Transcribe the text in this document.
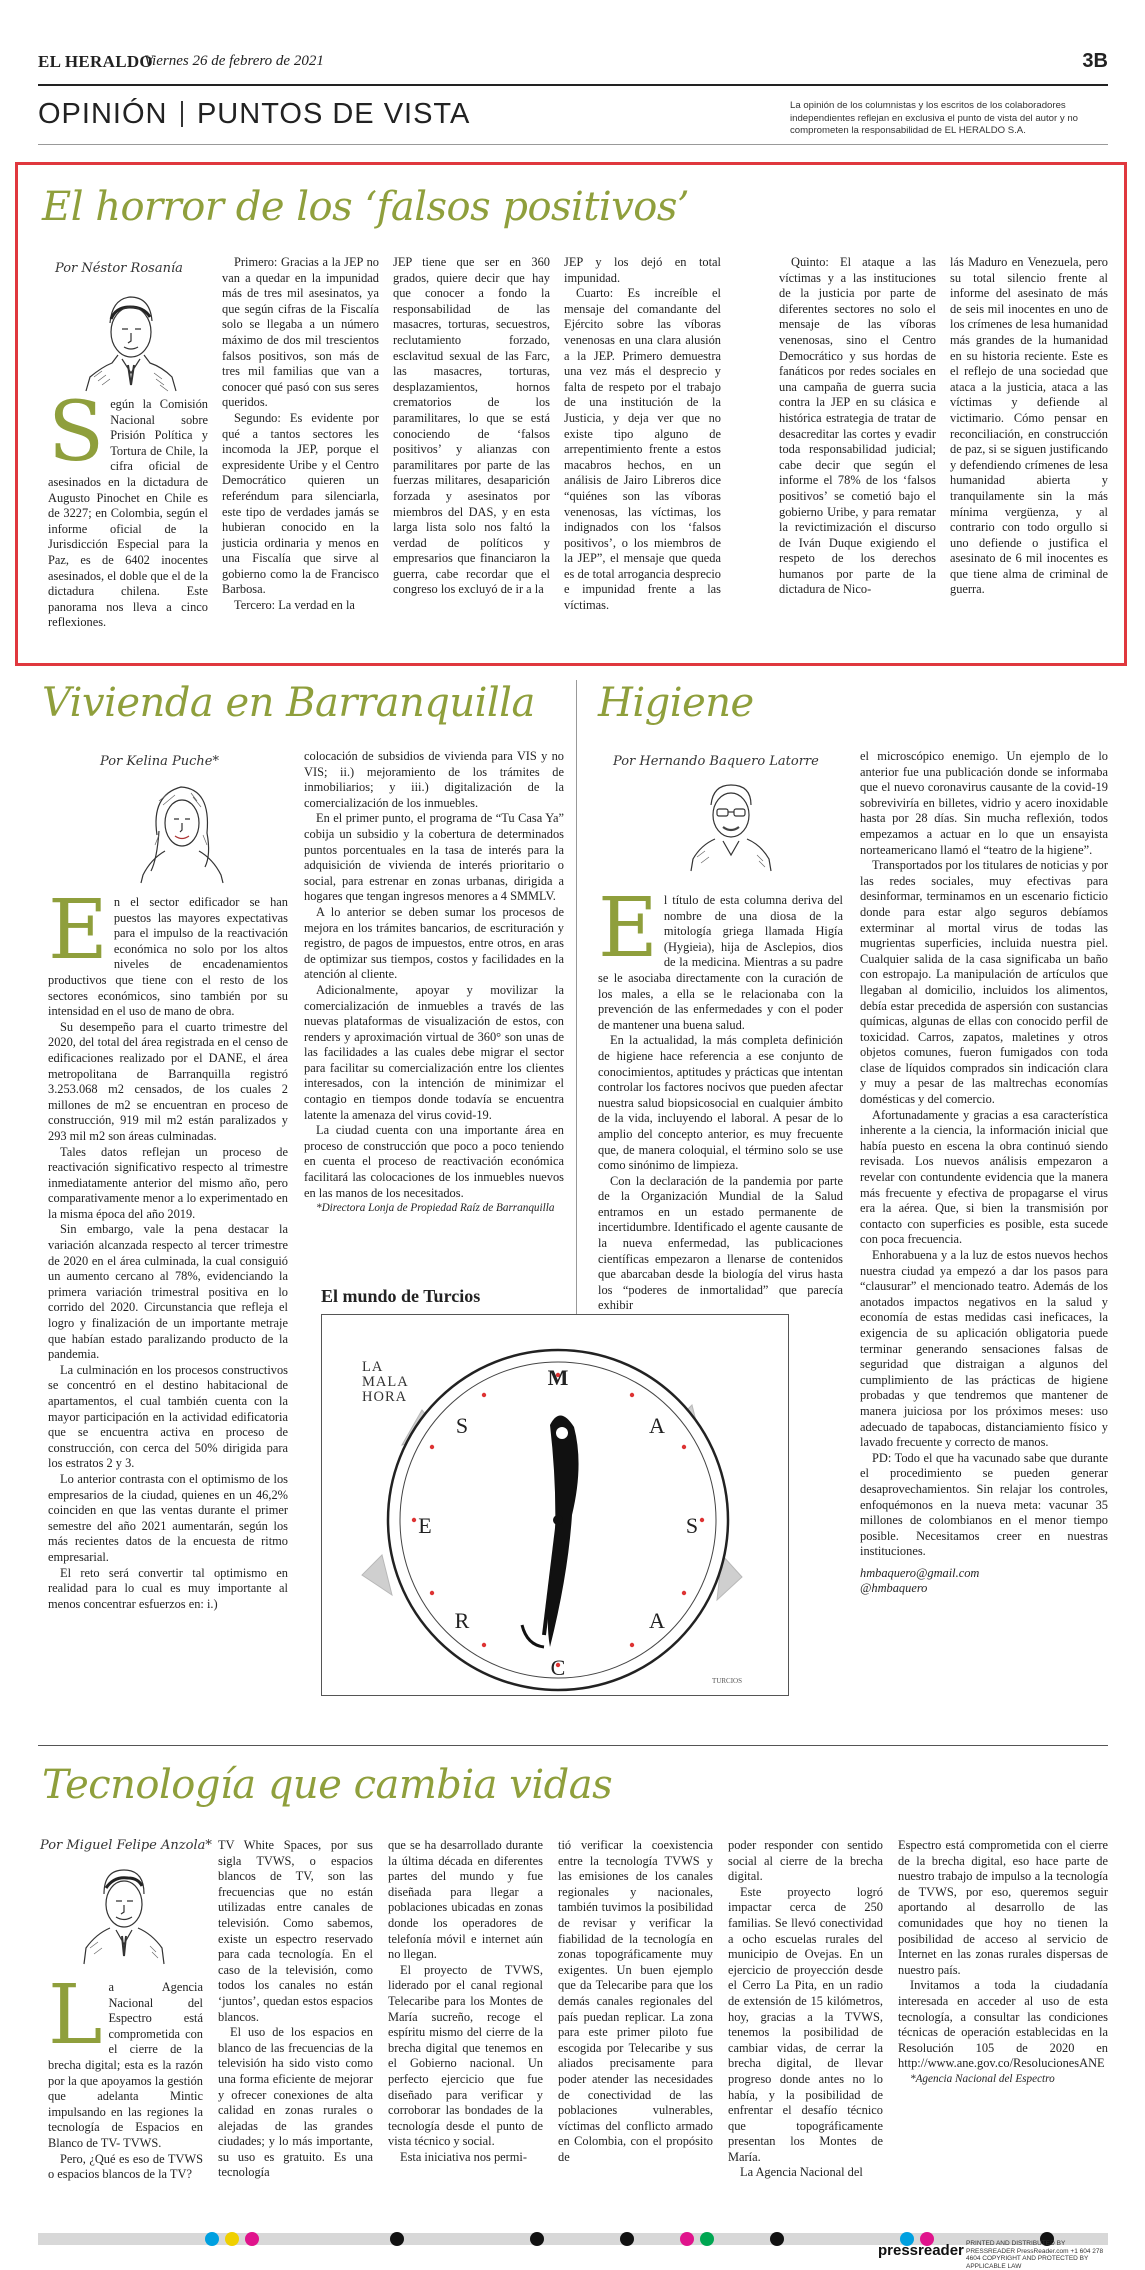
EL HERALDO
Viernes 26 de febrero de 2021	3B
OPINIÓN PUNTOS DE VISTA	La opinión de los columnistas y los escritos de los colaboradores independientes reflejan en exclusiva el punto de vista del autor y no comprometen la responsabilidad de EL HERALDO S.A.
El horror de los ‘falsos positivos’
Por Néstor Rosanía

Según la Comisión Nacional sobre Prisión Política y Tortura de Chile, la cifra oficial de asesinados en la dictadura de Augusto Pinochet en Chile es de 3227; en Colombia, según el informe oficial de la Jurisdicción Especial para la Paz, es de 6402 inocentes asesinados, el doble que el de la dictadura chilena. Este panorama nos lleva a cinco reflexiones.

Primero: Gracias a la JEP no van a quedar en la impunidad más de tres mil asesinatos, ya que según cifras de la Fiscalía solo se llegaba a un número máximo de dos mil trescientos falsos positivos, son más de tres mil familias que van a conocer qué pasó con sus seres queridos.

Segundo: Es evidente por qué a tantos sectores les incomoda la JEP, porque el expresidente Uribe y el Centro Democrático quieren un referéndum para silenciarla, este tipo de verdades jamás se hubieran conocido en la justicia ordinaria y menos en una Fiscalía que sirve al gobierno como la de Francisco Barbosa.

Tercero: La verdad en la

JEP tiene que ser en 360 grados, quiere decir que hay que conocer a fondo la responsabilidad de las masacres, torturas, secuestros, reclutamiento forzado, esclavitud sexual de las Farc, las masacres, torturas, desplazamientos, hornos crematorios de los paramilitares, lo que se está conociendo de ‘falsos positivos’ y alianzas con paramilitares por parte de las fuerzas militares, desaparición forzada y asesinatos por miembros del DAS, y en esta larga lista solo nos faltó la verdad de políticos y empresarios que financiaron la guerra, cabe recordar que el congreso los excluyó de ir a la

JEP y los dejó en total impunidad.

Cuarto: Es increíble el mensaje del comandante del Ejército sobre las víboras venenosas en una clara alusión a la JEP. Primero demuestra una vez más el desprecio y falta de respeto por el trabajo de una institución de la Justicia, y deja ver que no existe tipo alguno de arrepentimiento frente a estos macabros hechos, en un análisis de Jairo Libreros dice “quiénes son las víboras venenosas, las víctimas, los indignados con los ‘falsos positivos’, o los miembros de la JEP”, el mensaje que queda es de total arrogancia desprecio e impunidad frente a las víctimas.

Quinto: El ataque a las víctimas y a las instituciones de la justicia por parte de diferentes sectores no solo el mensaje de las víboras venenosas, sino el Centro Democrático y sus hordas de fanáticos por redes sociales en una campaña de guerra sucia contra la JEP en su clásica e histórica estrategia de tratar de desacreditar las cortes y evadir toda responsabilidad judicial; cabe decir que según el informe el 78% de los ‘falsos positivos’ se cometió bajo el gobierno Uribe, y para rematar la revictimización el discurso de Iván Duque exigiendo el respeto de los derechos humanos por parte de la dictadura de Nico-

lás Maduro en Venezuela, pero su total silencio frente al informe del asesinato de más de seis mil inocentes en uno de los crímenes de lesa humanidad más grandes de la humanidad en su historia reciente. Este es el reflejo de una sociedad que ataca a la justicia, ataca a las víctimas y defiende al victimario. Cómo pensar en reconciliación, en construcción de paz, si se siguen justificando y defendiendo crímenes de lesa humanidad abierta y tranquilamente sin la más mínima vergüenza, y al contrario con todo orgullo si uno defiende o justifica el asesinato de 6 mil inocentes es que tiene alma de criminal de guerra.

Vivienda en Barranquilla
Por Kelina Puche*

En el sector edificador se han puestos las mayores expectativas para el impulso de la reactivación económica no solo por los altos niveles de encadenamientos productivos que tiene con el resto de los sectores económicos, sino también por su intensidad en el uso de mano de obra.

Su desempeño para el cuarto trimestre del 2020, del total del área registrada en el censo de edificaciones realizado por el DANE, el área metropolitana de Barranquilla registró 3.253.068 m2 censados, de los cuales 2 millones de m2 se encuentran en proceso de construcción, 919 mil m2 están paralizados y 293 mil m2 son áreas culminadas.

Tales datos reflejan un proceso de reactivación significativo respecto al trimestre inmediatamente anterior del mismo año, pero comparativamente menor a lo experimentado en la misma época del año 2019.

Sin embargo, vale la pena destacar la variación alcanzada respecto al tercer trimestre de 2020 en el área culminada, la cual consiguió un aumento cercano al 78%, evidenciando la primera variación trimestral positiva en lo corrido del 2020. Circunstancia que refleja el logro y finalización de un importante metraje que habían estado paralizando producto de la pandemia.

La culminación en los procesos constructivos se concentró en el destino habitacional de apartamentos, el cual también cuenta con la mayor participación en la actividad edificatoria que se encuentra activa en proceso de construcción, con cerca del 50% dirigida para los estratos 2 y 3.

Lo anterior contrasta con el optimismo de los empresarios de la ciudad, quienes en un 46,2% coinciden en que las ventas durante el primer semestre del año 2021 aumentarán, según los más recientes datos de la encuesta de ritmo empresarial.

El reto será convertir tal optimismo en realidad para lo cual es muy importante al menos concentrar esfuerzos en: i.)

colocación de subsidios de vivienda para VIS y no VIS; ii.) mejoramiento de los trámites de inmobiliarios; y iii.) digitalización de la comercialización de los inmuebles.

En el primer punto, el programa de “Tu Casa Ya” cobija un subsidio y la cobertura de determinados puntos porcentuales en la tasa de interés para la adquisición de vivienda de interés prioritario o social, para estrenar en zonas urbanas, dirigida a hogares que tengan ingresos menores a 4 SMMLV.

A lo anterior se deben sumar los procesos de mejora en los trámites bancarios, de escrituración y registro, de pagos de impuestos, entre otros, en aras de optimizar sus tiempos, costos y facilidades en la atención al cliente.

Adicionalmente, apoyar y movilizar la comercialización de inmuebles a través de las nuevas plataformas de visualización de estos, con renders y aproximación virtual de 360° son unas de las facilidades a las cuales debe migrar el sector para facilitar su comercialización entre los clientes interesados, con la intención de minimizar el contagio en tiempos donde todavía se encuentra latente la amenaza del virus covid-19.

La ciudad cuenta con una importante área en proceso de construcción que poco a poco teniendo en cuenta el proceso de reactivación económica facilitará las colocaciones de los inmuebles nuevos en las manos de los necesitados.

*Directora Lonja de Propiedad Raíz de Barranquilla

Higiene
Por Hernando Baquero Latorre

El título de esta columna deriva del nombre de una diosa de la mitología griega llamada Higía (Hygieia), hija de Asclepios, dios de la medicina. Mientras a su padre se le asociaba directamente con la curación de los males, a ella se le relacionaba con la prevención de las enfermedades y con el poder de mantener una buena salud.

En la actualidad, la más completa definición de higiene hace referencia a ese conjunto de conocimientos, aptitudes y prácticas que intentan controlar los factores nocivos que pueden afectar nuestra salud biopsicosocial en cualquier ámbito de la vida, incluyendo el laboral. A pesar de lo amplio del concepto anterior, es muy frecuente que, de manera coloquial, el término solo se use como sinónimo de limpieza.

Con la declaración de la pandemia por parte de la Organización Mundial de la Salud entramos en un estado permanente de incertidumbre. Identificado el agente causante de la nueva enfermedad, las publicaciones científicas empezaron a llenarse de contenidos que abarcaban desde la biología del virus hasta los “poderes de inmortalidad” que parecía exhibir

el microscópico enemigo. Un ejemplo de lo anterior fue una publicación donde se informaba que el nuevo coronavirus causante de la covid-19 sobreviviría en billetes, vidrio y acero inoxidable hasta por 28 días. Sin mucha reflexión, todos empezamos a actuar en lo que un ensayista norteamericano llamó el “teatro de la higiene”.

Transportados por los titulares de noticias y por las redes sociales, muy efectivas para desinformar, terminamos en un escenario ficticio donde para estar algo seguros debíamos exterminar al mortal virus de todas las mugrientas superficies, incluida nuestra piel. Cualquier salida de la casa significaba un baño con estropajo. La manipulación de artículos que llegaban al domicilio, incluidos los alimentos, debía estar precedida de aspersión con sustancias químicas, algunas de ellas con conocido perfil de toxicidad. Carros, zapatos, maletines y otros objetos comunes, fueron fumigados con toda clase de líquidos comprados sin indicación clara y muy a pesar de las maltrechas economías domésticas y del comercio.

Afortunadamente y gracias a esa característica inherente a la ciencia, la información inicial que había puesto en escena la obra continuó siendo revisada. Los nuevos análisis empezaron a revelar con contundente evidencia que la manera más frecuente y efectiva de propagarse el virus era la aérea. Que, si bien la transmisión por contacto con superficies es posible, esta sucede con poca frecuencia.

Enhorabuena y a la luz de estos nuevos hechos nuestra ciudad ya empezó a dar los pasos para “clausurar” el mencionado teatro. Además de los anotados impactos negativos en la salud y economía de estas medidas casi ineficaces, la exigencia de su aplicación obligatoria puede terminar generando sensaciones falsas de seguridad que distraigan a algunos del cumplimiento de las prácticas de higiene probadas y que tendremos que mantener de manera juiciosa por los próximos meses: uso adecuado de tapabocas, distanciamiento físico y lavado frecuente y correcto de manos.

PD: Todo el que ha vacunado sabe que durante el procedimiento se pueden generar desaprovechamientos. Sin relajar los controles, enfoquémonos en la nueva meta: vacunar 35 millones de colombianos en el menor tiempo posible. Necesitamos creer en nuestras instituciones.

hmbaquero@gmail.com

@hmbaquero

El mundo de Turcios
M
A
S
A
C
R
E
S
TURCIOS
LA
MALA
HORA
Tecnología que cambia vidas
Por Miguel Felipe Anzola*

La Agencia Nacional del Espectro está comprometida con el cierre de la brecha digital; esta es la razón por la que apoyamos la gestión que adelanta Mintic impulsando en las regiones la tecnología de Espacios en Blanco de TV- TVWS.

Pero, ¿Qué es eso de TVWS o espacios blancos de la TV?

TV White Spaces, por sus sigla TVWS, o espacios blancos de TV, son las frecuencias que no están utilizadas entre canales de televisión. Como sabemos, existe un espectro reservado para cada tecnología. En el caso de la televisión, como todos los canales no están ‘juntos’, quedan estos espacios blancos.

El uso de los espacios en blanco de las frecuencias de la televisión ha sido visto como una forma eficiente de mejorar y ofrecer conexiones de alta calidad en zonas rurales o alejadas de las grandes ciudades; y lo más importante, su uso es gratuito. Es una tecnología

que se ha desarrollado durante la última década en diferentes partes del mundo y fue diseñada para llegar a poblaciones ubicadas en zonas donde los operadores de telefonía móvil e internet aún no llegan.

El proyecto de TVWS, liderado por el canal regional Telecaribe para los Montes de María sucreño, recoge el espíritu mismo del cierre de la brecha digital que tenemos en el Gobierno nacional. Un perfecto ejercicio que fue diseñado para verificar y corroborar las bondades de la tecnología desde el punto de vista técnico y social.

Esta iniciativa nos permi-

tió verificar la coexistencia entre la tecnología TVWS y las emisiones de los canales regionales y nacionales, también tuvimos la posibilidad de revisar y verificar la fiabilidad de la tecnología en zonas topográficamente muy exigentes. Un buen ejemplo que da Telecaribe para que los demás canales regionales del país puedan replicar. La zona para este primer piloto fue escogida por Telecaribe y sus aliados precisamente para poder atender las necesidades de conectividad de las poblaciones vulnerables, víctimas del conflicto armado en Colombia, con el propósito de

poder responder con sentido social al cierre de la brecha digital.

Este proyecto logró impactar cerca de 250 familias. Se llevó conectividad a ocho escuelas rurales del municipio de Ovejas. En un ejercicio de proyección desde el Cerro La Pita, en un radio de extensión de 15 kilómetros, hoy, gracias a la TVWS, tenemos la posibilidad de cambiar vidas, de cerrar la brecha digital, de llevar progreso donde antes no lo había, y la posibilidad de enfrentar el desafío técnico que topográficamente presentan los Montes de María.

La Agencia Nacional del

Espectro está comprometida con el cierre de la brecha digital, eso hace parte de nuestro trabajo de impulso a la tecnología de TVWS, por eso, queremos seguir aportando al desarrollo de las comunidades que hoy no tienen la posibilidad de acceso al servicio de Internet en las zonas rurales dispersas de nuestro país.

Invitamos a toda la ciudadanía interesada en acceder al uso de esta tecnología, a consultar las condiciones técnicas de operación establecidas en la Resolución 105 de 2020 en http://www.ane.gov.co/ResolucionesANE

*Agencia Nacional del Espectro

pressreader PRINTED AND DISTRIBUTED BY PRESSREADER PressReader.com +1 604 278 4604 COPYRIGHT AND PROTECTED BY APPLICABLE LAW
